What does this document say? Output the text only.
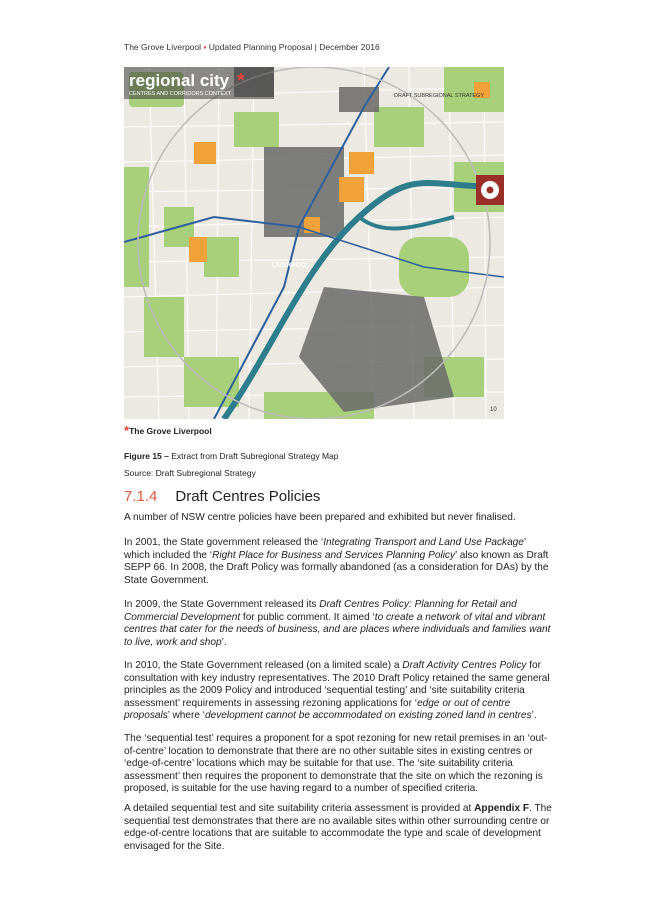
The Grove Liverpool ▪ Updated Planning Proposal | December 2016
regional city *
CENTRES AND CORRIDORS CONTEXT	DRAFT SUBREGIONAL STRATEGY
LIVERPOOL
10
*The Grove Liverpool
Figure 15 – Extract from Draft Subregional Strategy Map
Source: Draft Subregional Strategy
7.1.4 Draft Centres Policies
A number of NSW centre policies have been prepared and exhibited but never finalised.
In 2001, the State government released the ‘Integrating Transport and Land Use Package’ which included the ‘Right Place for Business and Services Planning Policy’ also known as Draft SEPP 66. In 2008, the Draft Policy was formally abandoned (as a consideration for DAs) by the State Government.
In 2009, the State Government released its Draft Centres Policy: Planning for Retail and Commercial Development for public comment. It aimed ‘to create a network of vital and vibrant centres that cater for the needs of business, and are places where individuals and families want to live, work and shop’.
In 2010, the State Government released (on a limited scale) a Draft Activity Centres Policy for consultation with key industry representatives. The 2010 Draft Policy retained the same general principles as the 2009 Policy and introduced ‘sequential testing’ and ‘site suitability criteria assessment’ requirements in assessing rezoning applications for ‘edge or out of centre proposals’ where ‘development cannot be accommodated on existing zoned land in centres’.
The ‘sequential test’ requires a proponent for a spot rezoning for new retail premises in an ‘out-of-centre’ location to demonstrate that there are no other suitable sites in existing centres or ‘edge-of-centre’ locations which may be suitable for that use. The ‘site suitability criteria assessment’ then requires the proponent to demonstrate that the site on which the rezoning is proposed, is suitable for the use having regard to a number of specified criteria.
A detailed sequential test and site suitability criteria assessment is provided at Appendix F. The sequential test demonstrates that there are no available sites within other surrounding centre or edge-of-centre locations that are suitable to accommodate the type and scale of development envisaged for the Site.
